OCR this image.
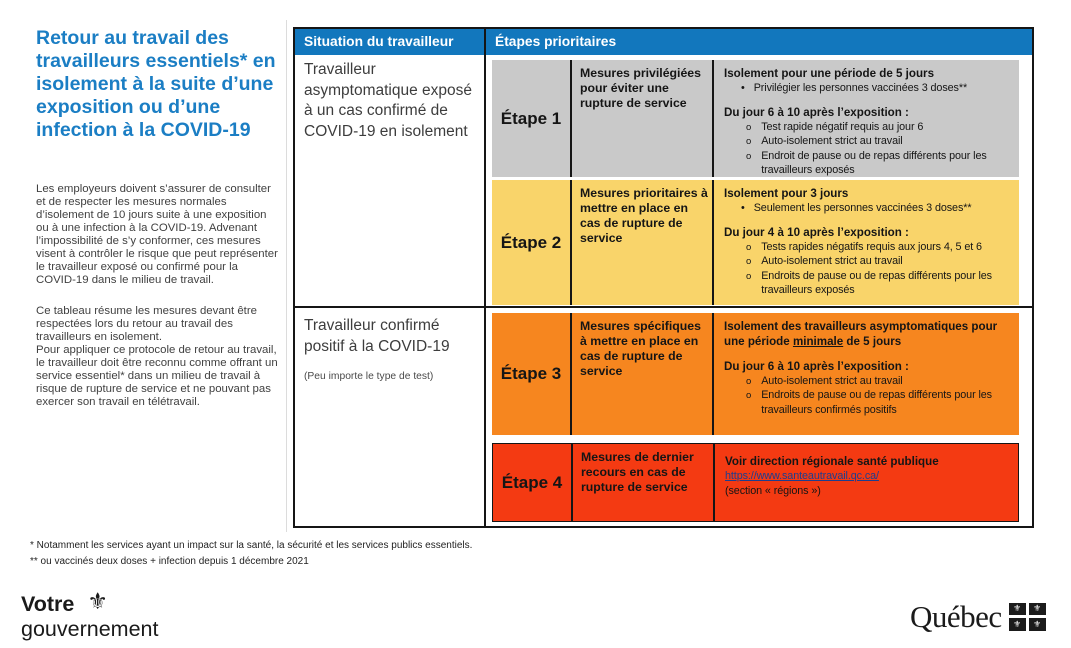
Retour au travail des travailleurs essentiels* en isolement à la suite d’une exposition ou d’une infection à la COVID-19

Les employeurs doivent s’assurer de consulter et de respecter les mesures normales d’isolement de 10 jours suite à une exposition ou à une infection à la COVID-19. Advenant l’impossibilité de s’y conformer, ces mesures visent à contrôler le risque que peut représenter le travailleur exposé ou confirmé pour la COVID-19 dans le milieu de travail.

Ce tableau résume les mesures devant être respectées lors du retour au travail des travailleurs en isolement.

Pour appliquer ce protocole de retour au travail, le travailleur doit être reconnu comme offrant un service essentiel* dans un milieu de travail à risque de rupture de service et ne pouvant pas exercer son travail en télétravail.

Situation du travailleur	Étapes prioritaires
Travailleur asymptomatique exposé à un cas confirmé de COVID-19 en isolement
Travailleur confirmé positif à la COVID-19
(Peu importe le type de test)
Étape 1
Mesures privilégiées pour éviter une rupture de service
Isolement pour une période de 5 jours
• Privilégier les personnes vaccinées 3 doses**
Du jour 6 à 10 après l’exposition :
o Test rapide négatif requis au jour 6
o Auto-isolement strict au travail
o Endroit de pause ou de repas différents pour les travailleurs exposés
Étape 2
Mesures prioritaires à mettre en place en cas de rupture de service
Isolement pour 3 jours
• Seulement les personnes vaccinées 3 doses**
Du jour 4 à 10 après l’exposition :
o Tests rapides négatifs requis aux jours 4, 5 et 6
o Auto-isolement strict au travail
o Endroits de pause ou de repas différents pour les travailleurs exposés
Étape 3
Mesures spécifiques à mettre en place en cas de rupture de service
Isolement des travailleurs asymptomatiques pour une période minimale de 5 jours
Du jour 6 à 10 après l’exposition :
o Auto-isolement strict au travail
o Endroits de pause ou de repas différents pour les travailleurs confirmés positifs
Étape 4
Mesures de dernier recours en cas de rupture de service
Voir direction régionale santé publique
https://www.santeautravail.qc.ca/
(section « régions »)
* Notamment les services ayant un impact sur la santé, la sécurité et les services publics essentiels.
** ou vaccinés deux doses + infection depuis 1 décembre 2021
Votre ⚜
gouvernement	Québec ⚜ ⚜
⚜ ⚜
